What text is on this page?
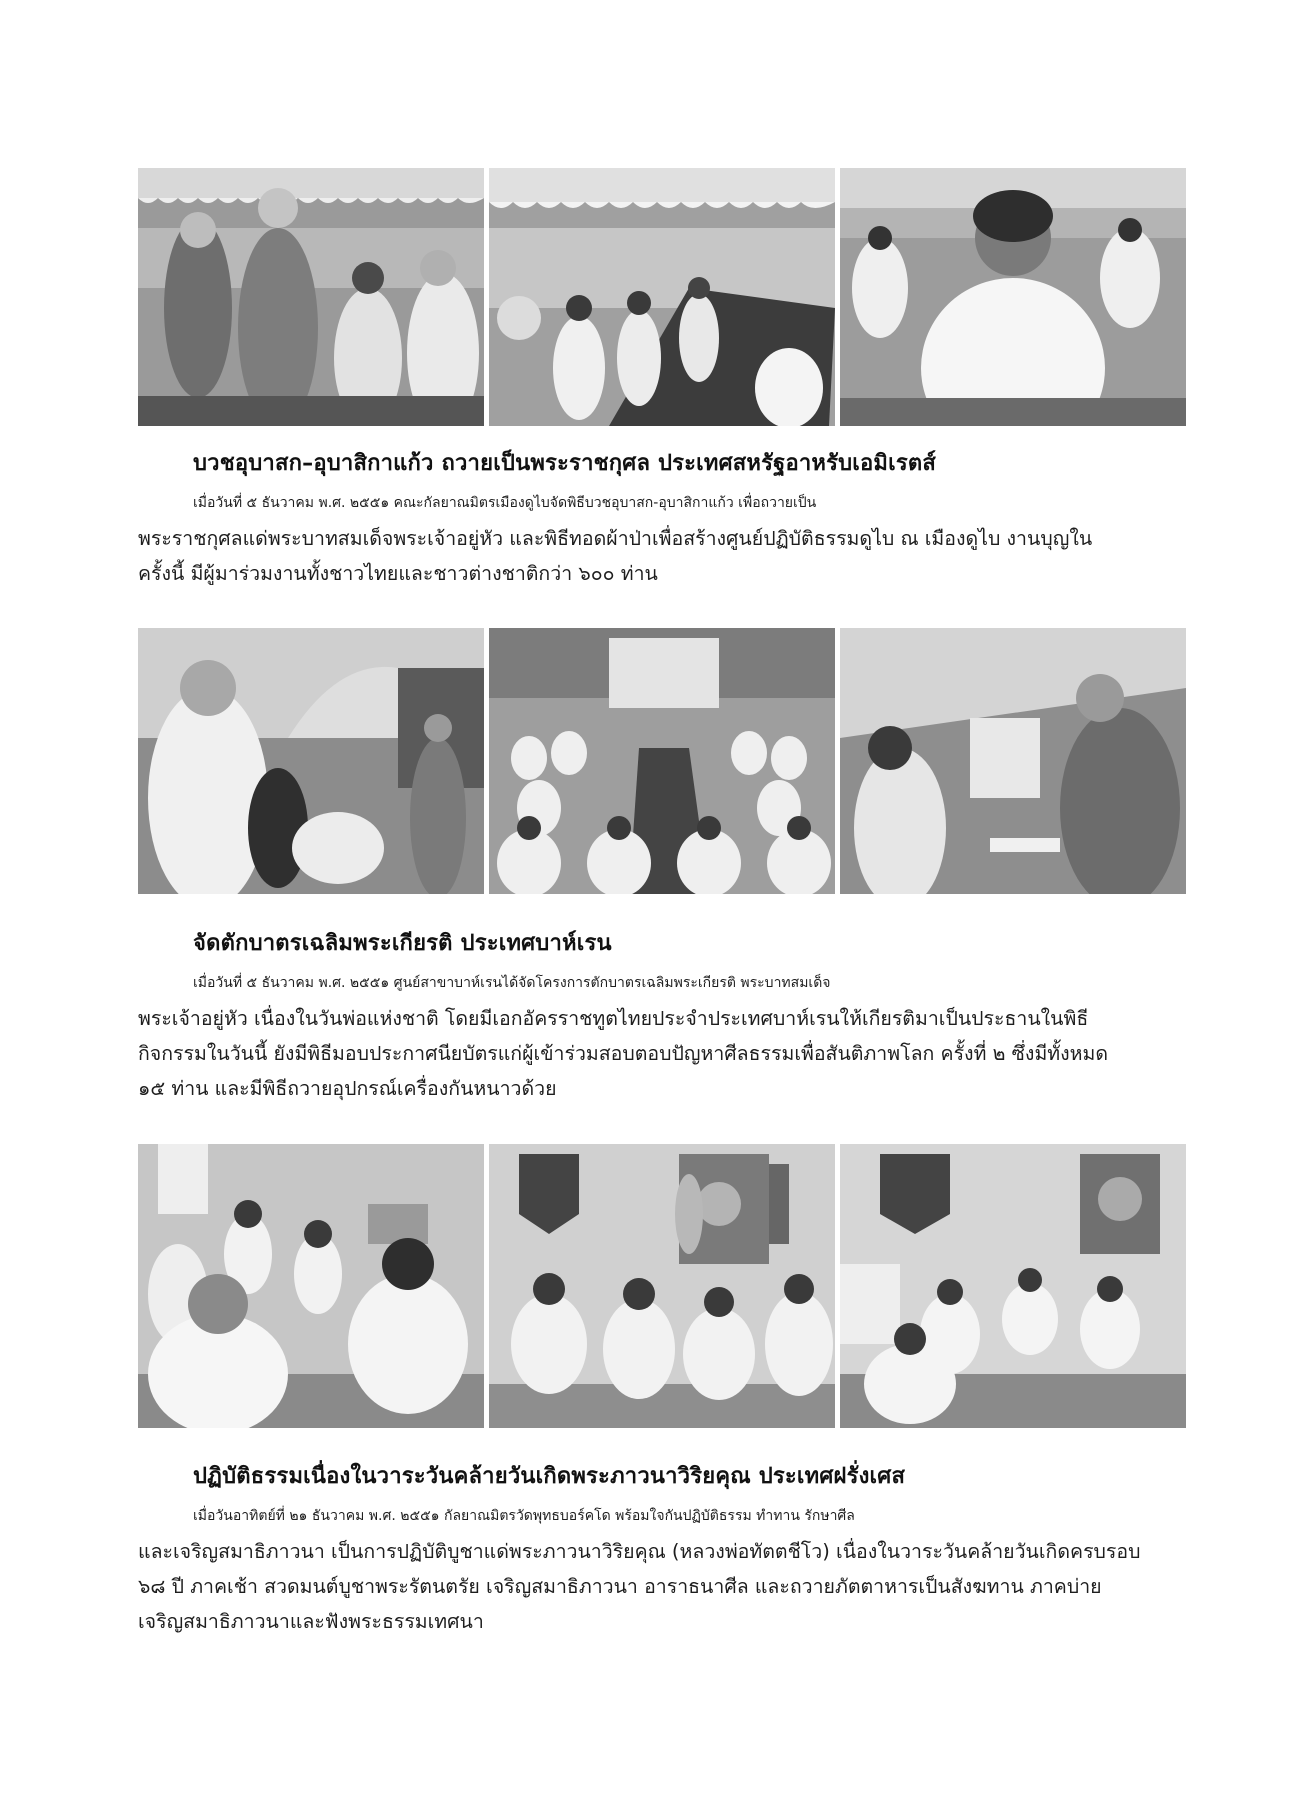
บวชอุบาสก–อุบาสิกาแก้ว ถวายเป็นพระราชกุศล ประเทศสหรัฐอาหรับเอมิเรตส์

เมื่อวันที่ ๕ ธันวาคม พ.ศ. ๒๕๕๑ คณะกัลยาณมิตรเมืองดูไบจัดพิธีบวชอุบาสก-อุบาสิกาแก้ว เพื่อถวายเป็น
พระราชกุศลแด่พระบาทสมเด็จพระเจ้าอยู่หัว และพิธีทอดผ้าป่าเพื่อสร้างศูนย์ปฏิบัติธรรมดูไบ ณ เมืองดูไบ งานบุญใน
ครั้งนี้ มีผู้มาร่วมงานทั้งชาวไทยและชาวต่างชาติกว่า ๖๐๐ ท่าน

จัดตักบาตรเฉลิมพระเกียรติ ประเทศบาห์เรน

เมื่อวันที่ ๕ ธันวาคม พ.ศ. ๒๕๕๑ ศูนย์สาขาบาห์เรนได้จัดโครงการตักบาตรเฉลิมพระเกียรติ พระบาทสมเด็จ
พระเจ้าอยู่หัว เนื่องในวันพ่อแห่งชาติ โดยมีเอกอัครราชทูตไทยประจำประเทศบาห์เรนให้เกียรติมาเป็นประธานในพิธี
กิจกรรมในวันนี้ ยังมีพิธีมอบประกาศนียบัตรแก่ผู้เข้าร่วมสอบตอบปัญหาศีลธรรมเพื่อสันติภาพโลก ครั้งที่ ๒ ซึ่งมีทั้งหมด
๑๕ ท่าน และมีพิธีถวายอุปกรณ์เครื่องกันหนาวด้วย

ปฏิบัติธรรมเนื่องในวาระวันคล้ายวันเกิดพระภาวนาวิริยคุณ ประเทศฝรั่งเศส

เมื่อวันอาทิตย์ที่ ๒๑ ธันวาคม พ.ศ. ๒๕๕๑ กัลยาณมิตรวัดพุทธบอร์คโด พร้อมใจกันปฏิบัติธรรม ทำทาน รักษาศีล
และเจริญสมาธิภาวนา เป็นการปฏิบัติบูชาแด่พระภาวนาวิริยคุณ (หลวงพ่อทัตตชีโว) เนื่องในวาระวันคล้ายวันเกิดครบรอบ
๖๘ ปี ภาคเช้า สวดมนต์บูชาพระรัตนตรัย เจริญสมาธิภาวนา อาราธนาศีล และถวายภัตตาหารเป็นสังฆทาน ภาคบ่าย
เจริญสมาธิภาวนาและฟังพระธรรมเทศนา
